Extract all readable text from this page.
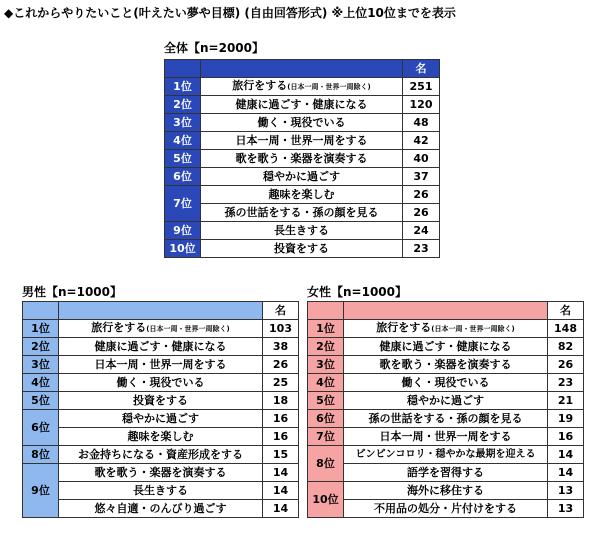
◆これからやりたいこと(叶えたい夢や目標) (自由回答形式) ※上位10位までを表示
全体【n=2000】
		名
1位	旅行をする(日本一周・世界一周除く)	251
2位	健康に過ごす・健康になる	120
3位	働く・現役でいる	48
4位	日本一周・世界一周をする	42
5位	歌を歌う・楽器を演奏する	40
6位	穏やかに過ごす	37
7位	趣味を楽しむ	26
	孫の世話をする・孫の顔を見る	26
9位	長生きする	24
10位	投資をする	23
男性【n=1000】
		名
1位	旅行をする(日本一周・世界一周除く)	103
2位	健康に過ごす・健康になる	38
3位	日本一周・世界一周をする	26
4位	働く・現役でいる	25
5位	投資をする	18
6位	穏やかに過ごす	16
	趣味を楽しむ	16
8位	お金持ちになる・資産形成をする	15
9位	歌を歌う・楽器を演奏する	14
	長生きする	14
	悠々自適・のんびり過ごす	14
女性【n=1000】
		名
1位	旅行をする(日本一周・世界一周除く)	148
2位	健康に過ごす・健康になる	82
3位	歌を歌う・楽器を演奏する	26
4位	働く・現役でいる	23
5位	穏やかに過ごす	21
6位	孫の世話をする・孫の顔を見る	19
7位	日本一周・世界一周をする	16
8位	ピンピンコロリ・穏やかな最期を迎える	14
	語学を習得する	14
10位	海外に移住する	13
	不用品の処分・片付けをする	13
